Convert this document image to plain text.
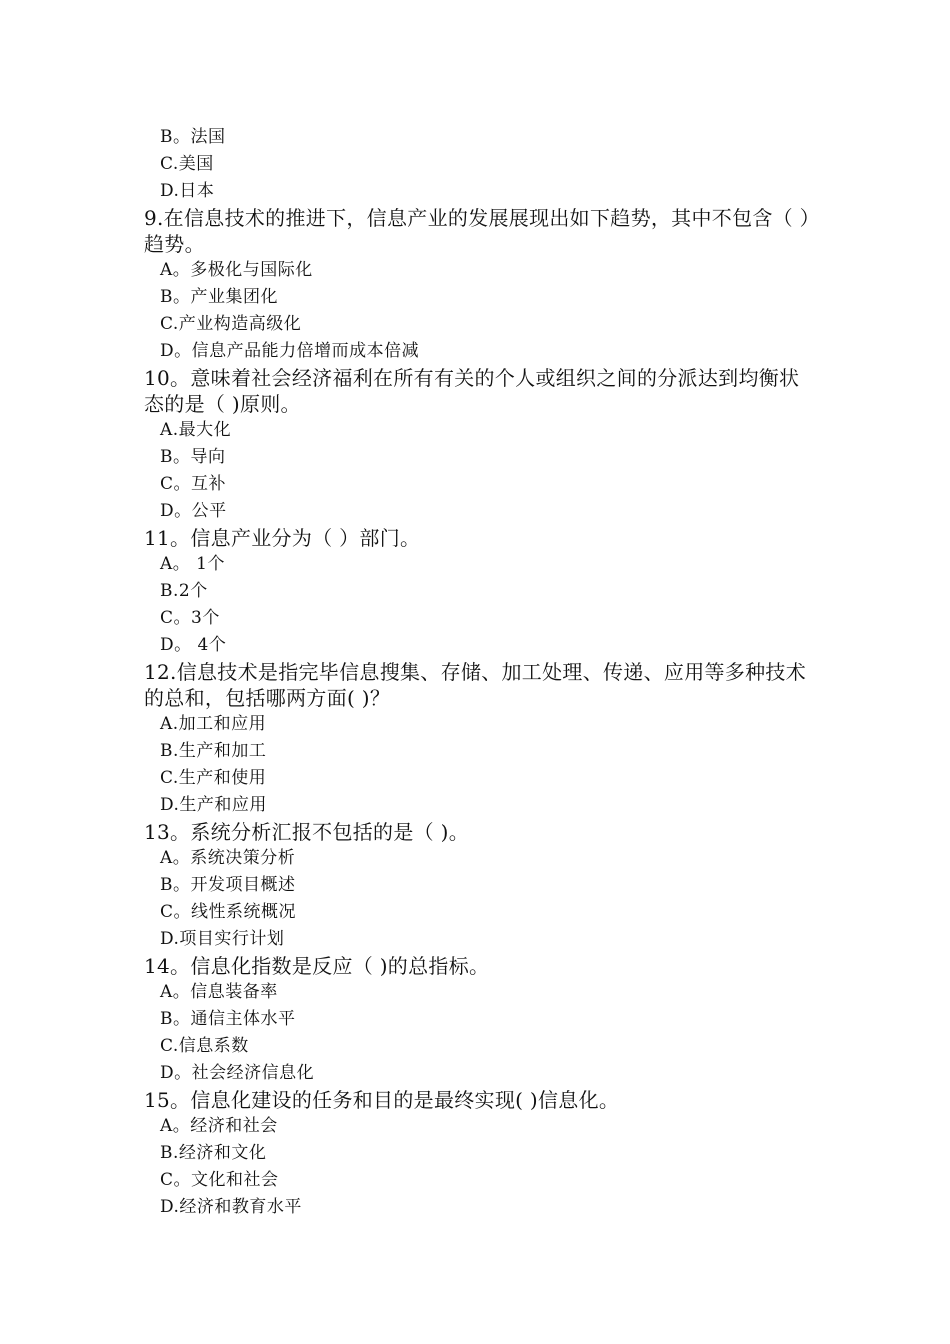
B。法国
C.美国
D.日本
9.在信息技术的推进下，信息产业的发展展现出如下趋势，其中不包含（ ）趋势。
A。多极化与国际化
B。产业集团化
C.产业构造高级化
D。信息产品能力倍增而成本倍减
10。意味着社会经济福利在所有有关的个人或组织之间的分派达到均衡状态的是（ )原则。
A.最大化
B。导向
C。互补
D。公平
11。信息产业分为（ ）部门。
A。 1个
B.2个
C。3个
D。 4个
12.信息技术是指完毕信息搜集、存储、加工处理、传递、应用等多种技术的总和，包括哪两方面( )？
A.加工和应用
B.生产和加工
C.生产和使用
D.生产和应用
13。系统分析汇报不包括的是（ )。
A。系统决策分析
B。开发项目概述
C。线性系统概况
D.项目实行计划
14。信息化指数是反应（ )的总指标。
A。信息装备率
B。通信主体水平
C.信息系数
D。社会经济信息化
15。信息化建设的任务和目的是最终实现( )信息化。
A。经济和社会
B.经济和文化
C。文化和社会
D.经济和教育水平
